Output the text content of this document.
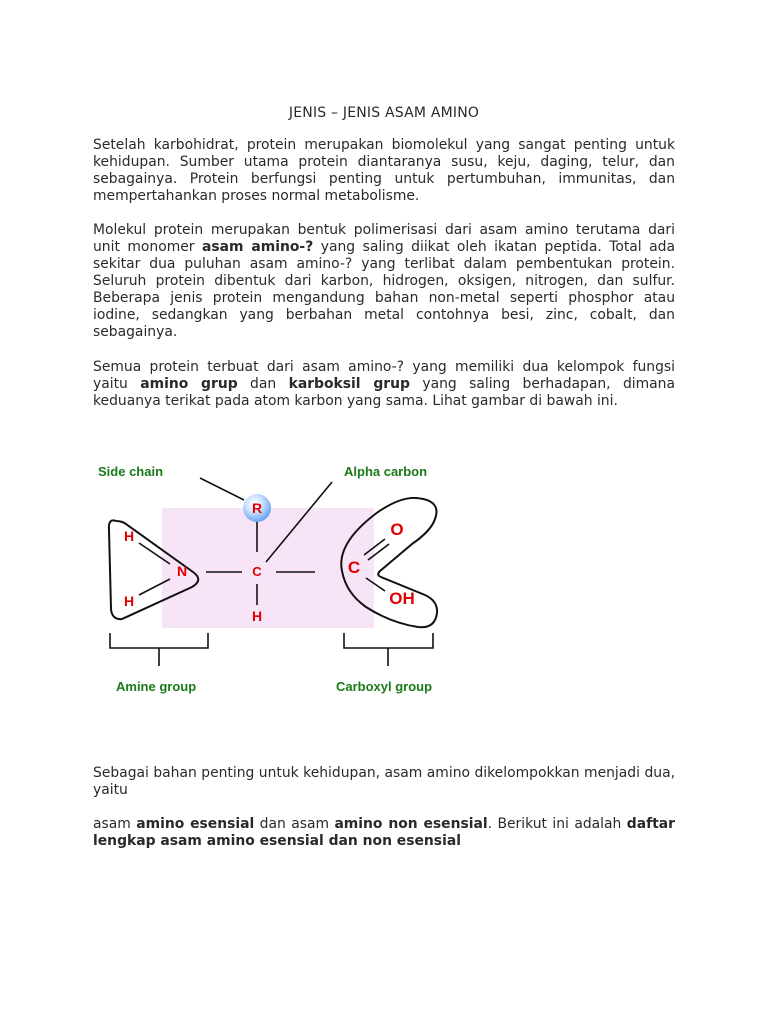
JENIS – JENIS ASAM AMINO
Setelah karbohidrat, protein merupakan biomolekul yang sangat penting untuk kehidupan. Sumber utama protein diantaranya susu, keju, daging, telur, dan sebagainya. Protein berfungsi penting untuk pertumbuhan, immunitas, dan mempertahankan proses normal metabolisme.
Molekul protein merupakan bentuk polimerisasi dari asam amino terutama dari unit monomer asam amino-? yang saling diikat oleh ikatan peptida. Total ada sekitar dua puluhan asam amino-? yang terlibat dalam pembentukan protein. Seluruh protein dibentuk dari karbon, hidrogen, oksigen, nitrogen, dan sulfur. Beberapa jenis protein mengandung bahan non-metal seperti phosphor atau iodine, sedangkan yang berbahan metal contohnya besi, zinc, cobalt, dan sebagainya.
Semua protein terbuat dari asam amino-? yang memiliki dua kelompok fungsi yaitu amino grup dan karboksil grup yang saling berhadapan, dimana keduanya terikat pada atom karbon yang sama. Lihat gambar di bawah ini.
R
N	C
H
H
H
C
O
OH
Side chain	Alpha carbon
Amine group	Carboxyl group
Sebagai bahan penting untuk kehidupan, asam amino dikelompokkan menjadi dua, yaitu
asam amino esensial dan asam amino non esensial. Berikut ini adalah daftar lengkap asam amino esensial dan non esensial
